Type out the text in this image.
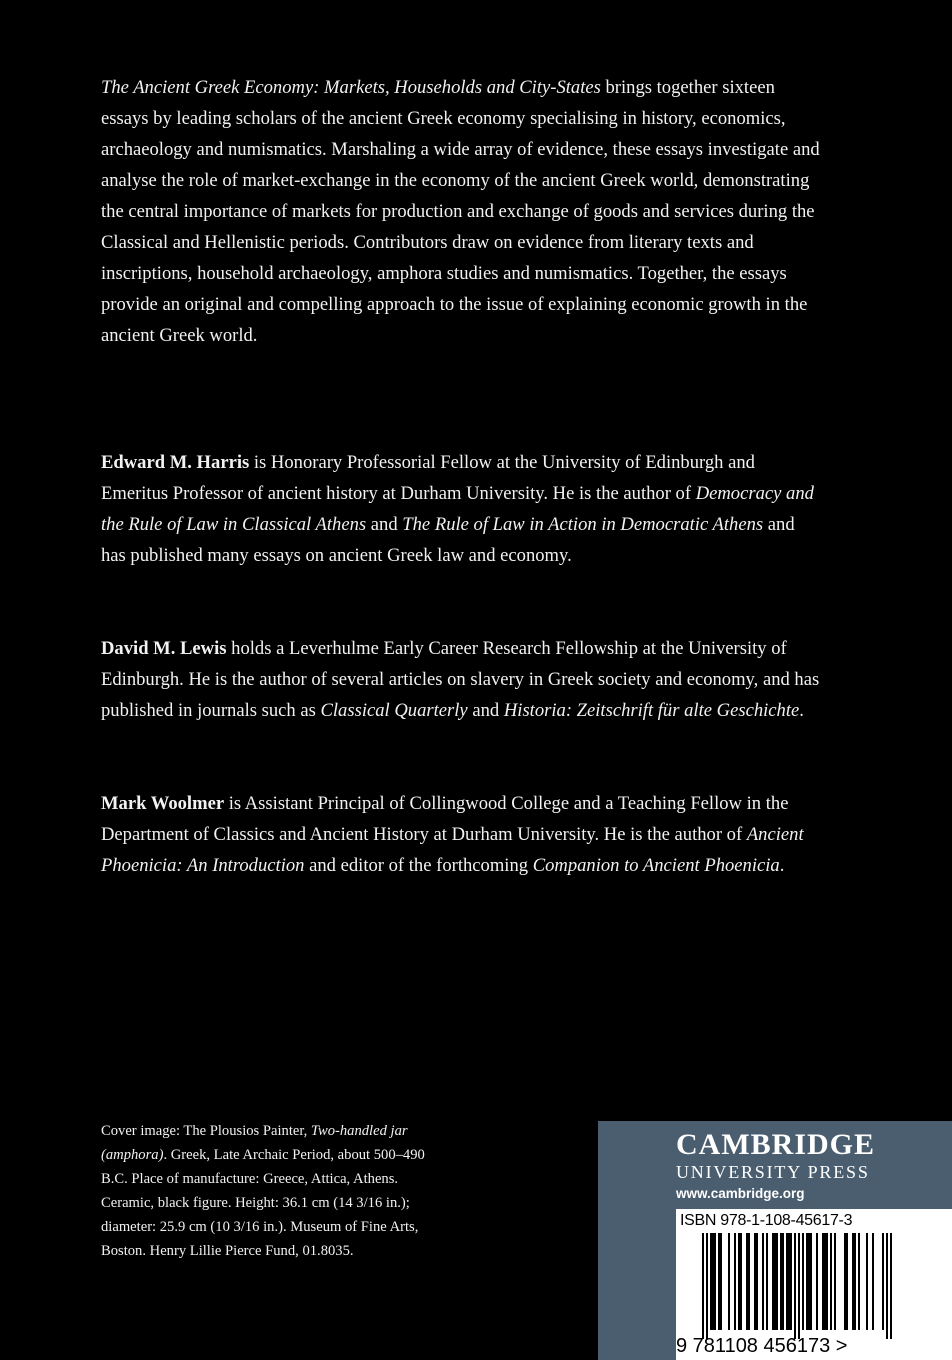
The Ancient Greek Economy: Markets, Households and City-States brings together sixteen essays by leading scholars of the ancient Greek economy specialising in history, economics, archaeology and numismatics. Marshaling a wide array of evidence, these essays investigate and analyse the role of market-exchange in the economy of the ancient Greek world, demonstrating the central importance of markets for production and exchange of goods and services during the Classical and Hellenistic periods. Contributors draw on evidence from literary texts and inscriptions, household archaeology, amphora studies and numismatics. Together, the essays provide an original and compelling approach to the issue of explaining economic growth in the ancient Greek world.

Edward M. Harris is Honorary Professorial Fellow at the University of Edinburgh and Emeritus Professor of ancient history at Durham University. He is the author of Democracy and the Rule of Law in Classical Athens and The Rule of Law in Action in Democratic Athens and has published many essays on ancient Greek law and economy.

David M. Lewis holds a Leverhulme Early Career Research Fellowship at the University of Edinburgh. He is the author of several articles on slavery in Greek society and economy, and has published in journals such as Classical Quarterly and Historia: Zeitschrift für alte Geschichte.

Mark Woolmer is Assistant Principal of Collingwood College and a Teaching Fellow in the Department of Classics and Ancient History at Durham University. He is the author of Ancient Phoenicia: An Introduction and editor of the forthcoming Companion to Ancient Phoenicia.

Cover image: The Plousios Painter, Two-handled jar (amphora). Greek, Late Archaic Period, about 500–490 B.C. Place of manufacture: Greece, Attica, Athens. Ceramic, black figure. Height: 36.1 cm (14 3/16 in.); diameter: 25.9 cm (10 3/16 in.). Museum of Fine Arts, Boston. Henry Lillie Pierce Fund, 01.8035.

CAMBRIDGE
UNIVERSITY PRESS
www.cambridge.org

ISBN 978-1-108-45617-3

9 781108 456173 >
